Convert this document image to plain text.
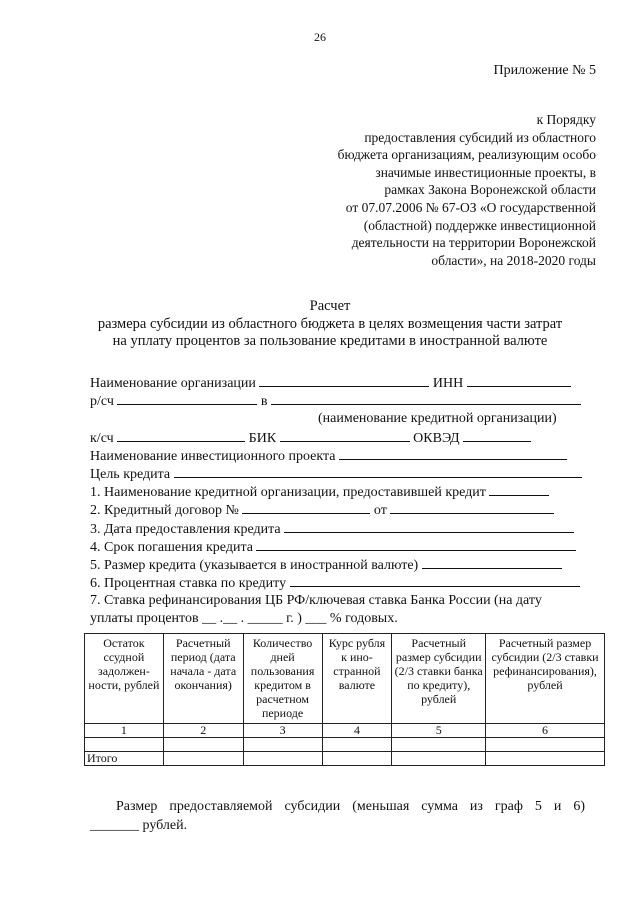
26
Приложение № 5
к Порядку
предоставления субсидий из областного
бюджета организациям, реализующим особо
значимые инвестиционные проекты, в
рамках Закона Воронежской области
от 07.07.2006 № 67-ОЗ «О государственной
(областной) поддержке инвестиционной
деятельности на территории Воронежской
области», на 2018-2020 годы
Расчет
размера субсидии из областного бюджета в целях возмещения части затрат
на уплату процентов за пользование кредитами в иностранной валюте
Наименование организации	ИНН
р/сч	в
(наименование кредитной организации)
к/сч	БИК	ОКВЭД
Наименование инвестиционного проекта
Цель кредита
1. Наименование кредитной организации, предоставившей кредит
2. Кредитный договор №	от
3. Дата предоставления кредита
4. Срок погашения кредита
5. Размер кредита (указывается в иностранной валюте)
6. Процентная ставка по кредиту
7. Ставка рефинансирования ЦБ РФ/ключевая ставка Банка России (на дату
уплаты процентов __ .__ . _____ г. ) ___ % годовых.
Остаток ссудной задолжен-ности, рублей	Расчетный период (дата начала - дата окончания)	Количество дней пользования кредитом в расчетном периоде	Курс рубля к ино-странной валюте	Расчетный размер субсидии (2/3 ставки банка по кредиту), рублей	Расчетный размер субсидии (2/3 ставки рефинансирования), рублей
1	2	3	4	5	6

Итого					
Размер предоставляемой субсидии (меньшая сумма из граф 5 и 6)
_______ рублей.
